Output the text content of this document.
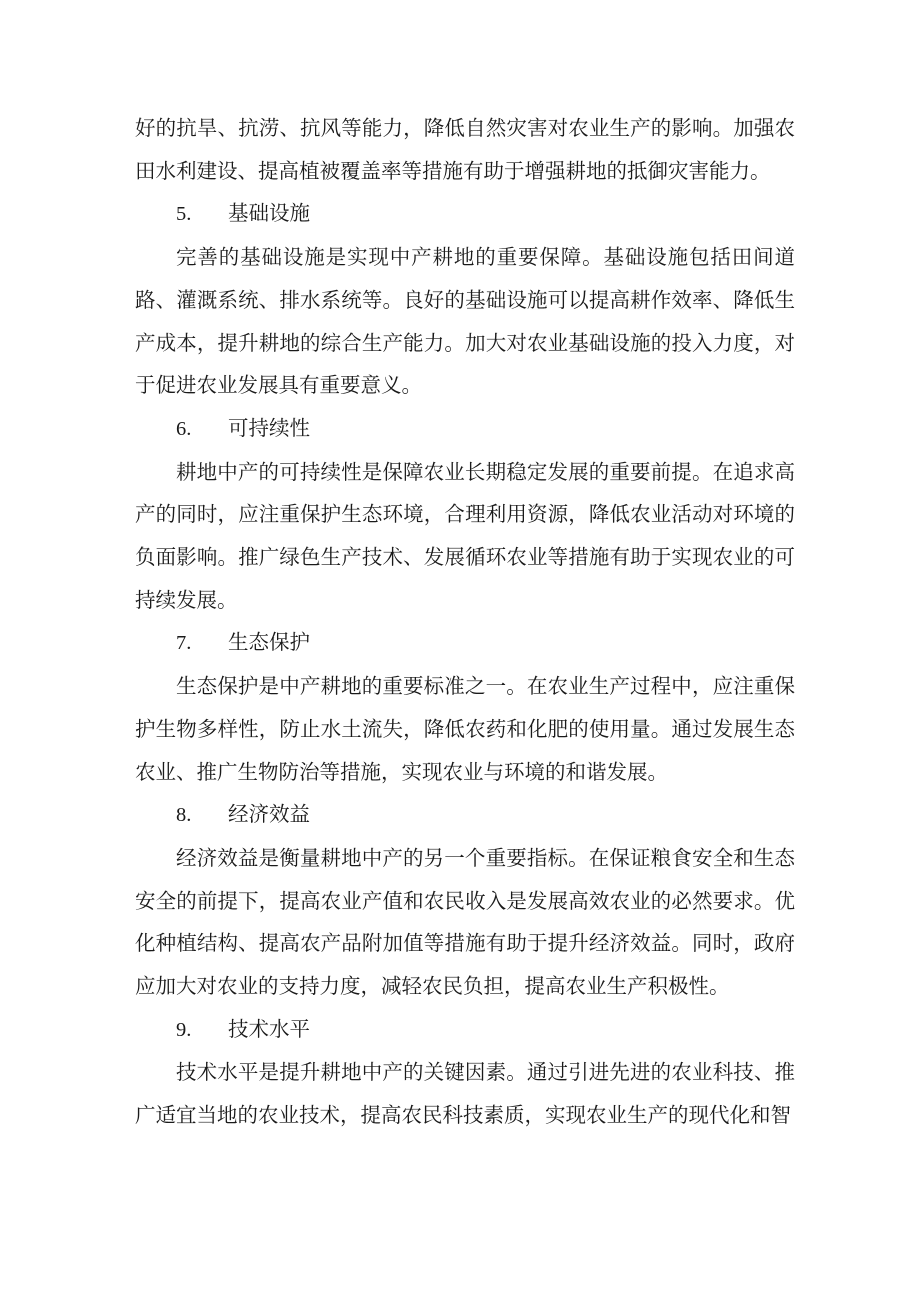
好的抗旱、抗涝、抗风等能力，降低自然灾害对农业生产的影响。加强农田水利建设、提高植被覆盖率等措施有助于增强耕地的抵御灾害能力。

5. 基础设施

完善的基础设施是实现中产耕地的重要保障。基础设施包括田间道路、灌溉系统、排水系统等。良好的基础设施可以提高耕作效率、降低生产成本，提升耕地的综合生产能力。加大对农业基础设施的投入力度，对于促进农业发展具有重要意义。

6. 可持续性

耕地中产的可持续性是保障农业长期稳定发展的重要前提。在追求高产的同时，应注重保护生态环境，合理利用资源，降低农业活动对环境的负面影响。推广绿色生产技术、发展循环农业等措施有助于实现农业的可持续发展。

7. 生态保护

生态保护是中产耕地的重要标准之一。在农业生产过程中，应注重保护生物多样性，防止水土流失，降低农药和化肥的使用量。通过发展生态农业、推广生物防治等措施，实现农业与环境的和谐发展。

8. 经济效益

经济效益是衡量耕地中产的另一个重要指标。在保证粮食安全和生态安全的前提下，提高农业产值和农民收入是发展高效农业的必然要求。优化种植结构、提高农产品附加值等措施有助于提升经济效益。同时，政府应加大对农业的支持力度，减轻农民负担，提高农业生产积极性。

9. 技术水平

技术水平是提升耕地中产的关键因素。通过引进先进的农业科技、推广适宜当地的农业技术，提高农民科技素质，实现农业生产的现代化和智
